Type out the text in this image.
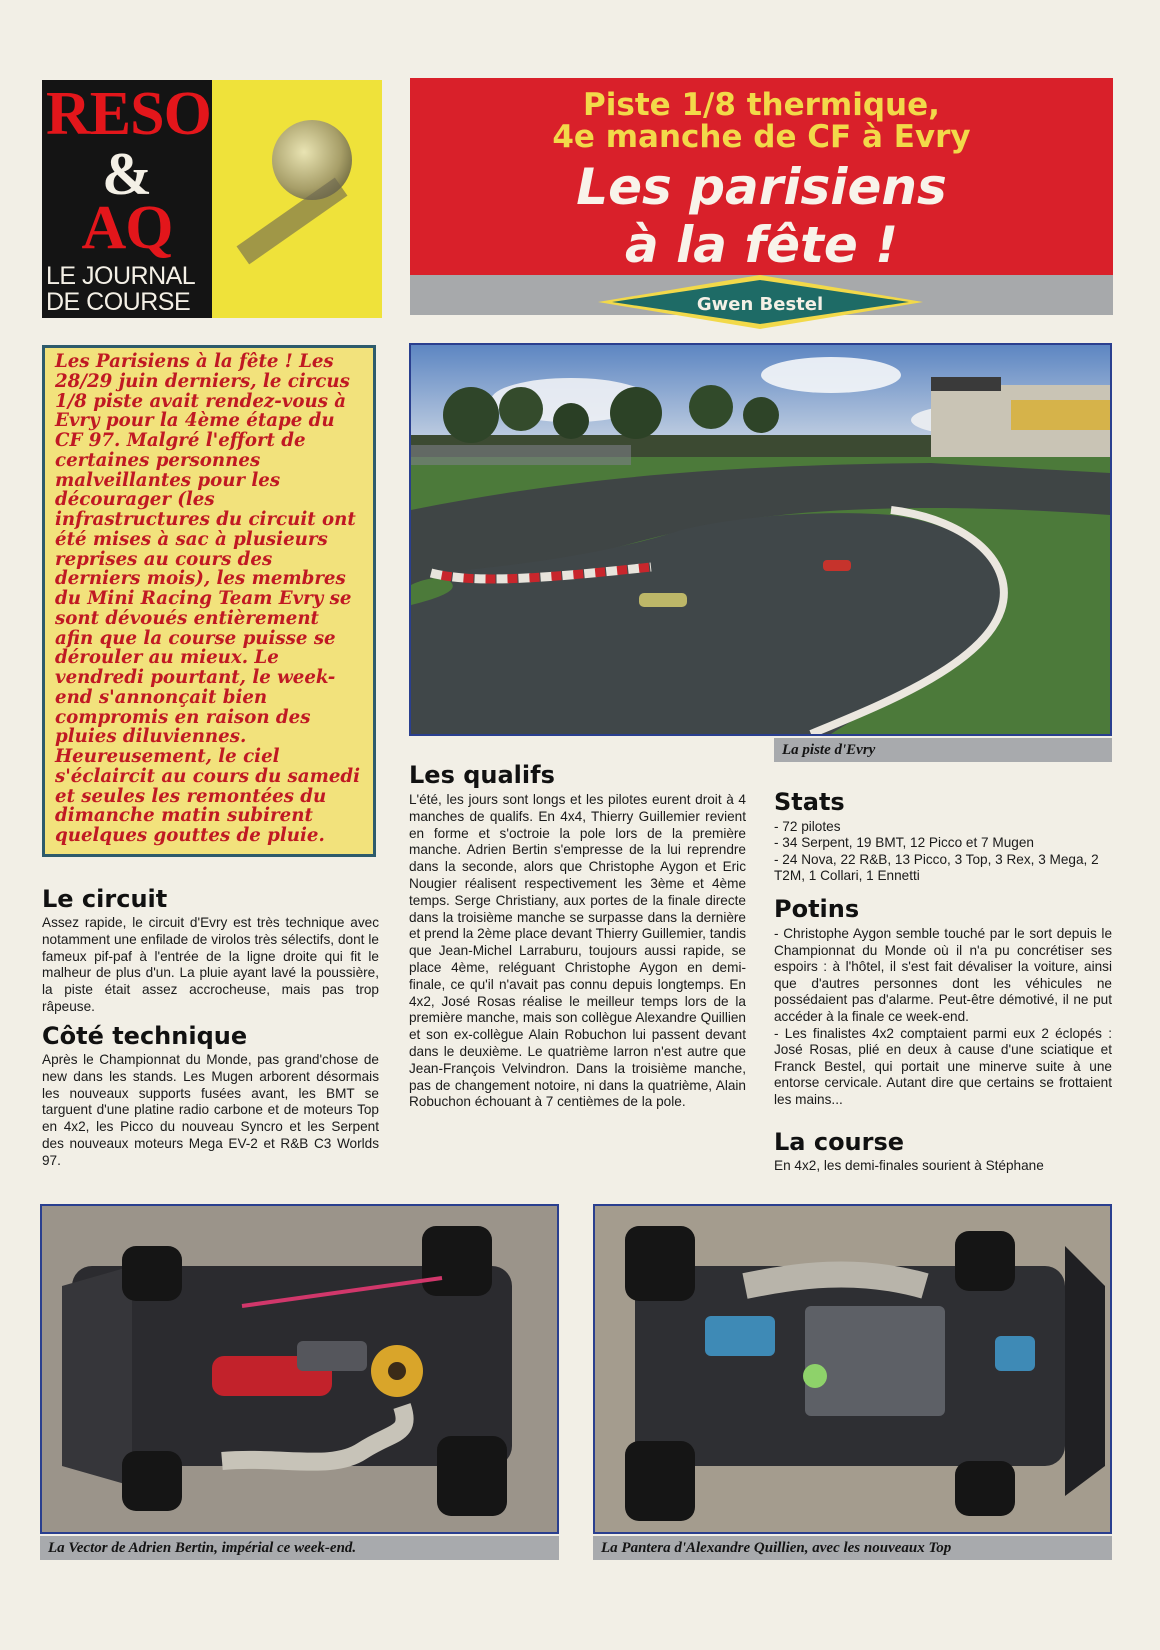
RESO
&
AQ
LE JOURNAL
DE COURSE
Piste 1/8 thermique,
4e manche de CF à Evry
Les parisiens
à la fête !
Gwen Bestel

Les Parisiens à la fête ! Les 28/29 juin derniers, le circus 1/8 piste avait rendez-vous à Evry pour la 4ème étape du CF 97. Malgré l'effort de certaines personnes malveillantes pour les décourager (les infrastructures du circuit ont été mises à sac à plusieurs reprises au cours des derniers mois), les membres du Mini Racing Team Evry se sont dévoués entièrement afin que la course puisse se dérouler au mieux. Le vendredi pourtant, le week-end s'annonçait bien compromis en raison des pluies diluviennes. Heureusement, le ciel s'éclaircit au cours du samedi et seules les remontées du dimanche matin subirent quelques gouttes de pluie.

La piste d'Evry
Le circuit

Assez rapide, le circuit d'Evry est très technique avec notamment une enfilade de virolos très sélectifs, dont le fameux pif-paf à l'entrée de la ligne droite qui fit le malheur de plus d'un. La pluie ayant lavé la poussière, la piste était assez accrocheuse, mais pas trop râpeuse.

Côté technique

Après le Championnat du Monde, pas grand'chose de new dans les stands. Les Mugen arborent désormais les nouveaux supports fusées avant, les BMT se targuent d'une platine radio carbone et de moteurs Top en 4x2, les Picco du nouveau Syncro et les Serpent des nouveaux moteurs Mega EV-2 et R&B C3 Worlds 97.

Les qualifs

L'été, les jours sont longs et les pilotes eurent droit à 4 manches de qualifs. En 4x4, Thierry Guillemier revient en forme et s'octroie la pole lors de la première manche. Adrien Bertin s'empresse de la lui reprendre dans la seconde, alors que Christophe Aygon et Eric Nougier réalisent respectivement les 3ème et 4ème temps. Serge Christiany, aux portes de la finale directe dans la troisième manche se surpasse dans la dernière et prend la 2ème place devant Thierry Guillemier, tandis que Jean-Michel Larraburu, toujours aussi rapide, se place 4ème, reléguant Christophe Aygon en demi-finale, ce qu'il n'avait pas connu depuis longtemps. En 4x2, José Rosas réalise le meilleur temps lors de la première manche, mais son collègue Alexandre Quillien et son ex-collègue Alain Robuchon lui passent devant dans le deuxième. Le quatrième larron n'est autre que Jean-François Velvindron. Dans la troisième manche, pas de changement notoire, ni dans la quatrième, Alain Robuchon échouant à 7 centièmes de la pole.

Stats
- 72 pilotes
- 34 Serpent, 19 BMT, 12 Picco et 7 Mugen
- 24 Nova, 22 R&B, 13 Picco, 3 Top, 3 Rex, 3 Mega, 2 T2M, 1 Collari, 1 Ennetti
Potins
- Christophe Aygon semble touché par le sort depuis le Championnat du Monde où il n'a pu concrétiser ses espoirs : à l'hôtel, il s'est fait dévaliser la voiture, ainsi que d'autres personnes dont les véhicules ne possédaient pas d'alarme. Peut-être démotivé, il ne put accéder à la finale ce week-end.
- Les finalistes 4x2 comptaient parmi eux 2 éclopés : José Rosas, plié en deux à cause d'une sciatique et Franck Bestel, qui portait une minerve suite à une entorse cervicale. Autant dire que certains se frottaient les mains...
La course

En 4x2, les demi-finales sourient à Stéphane

La Vector de Adrien Bertin, impérial ce week-end.	La Pantera d'Alexandre Quillien, avec les nouveaux Top
